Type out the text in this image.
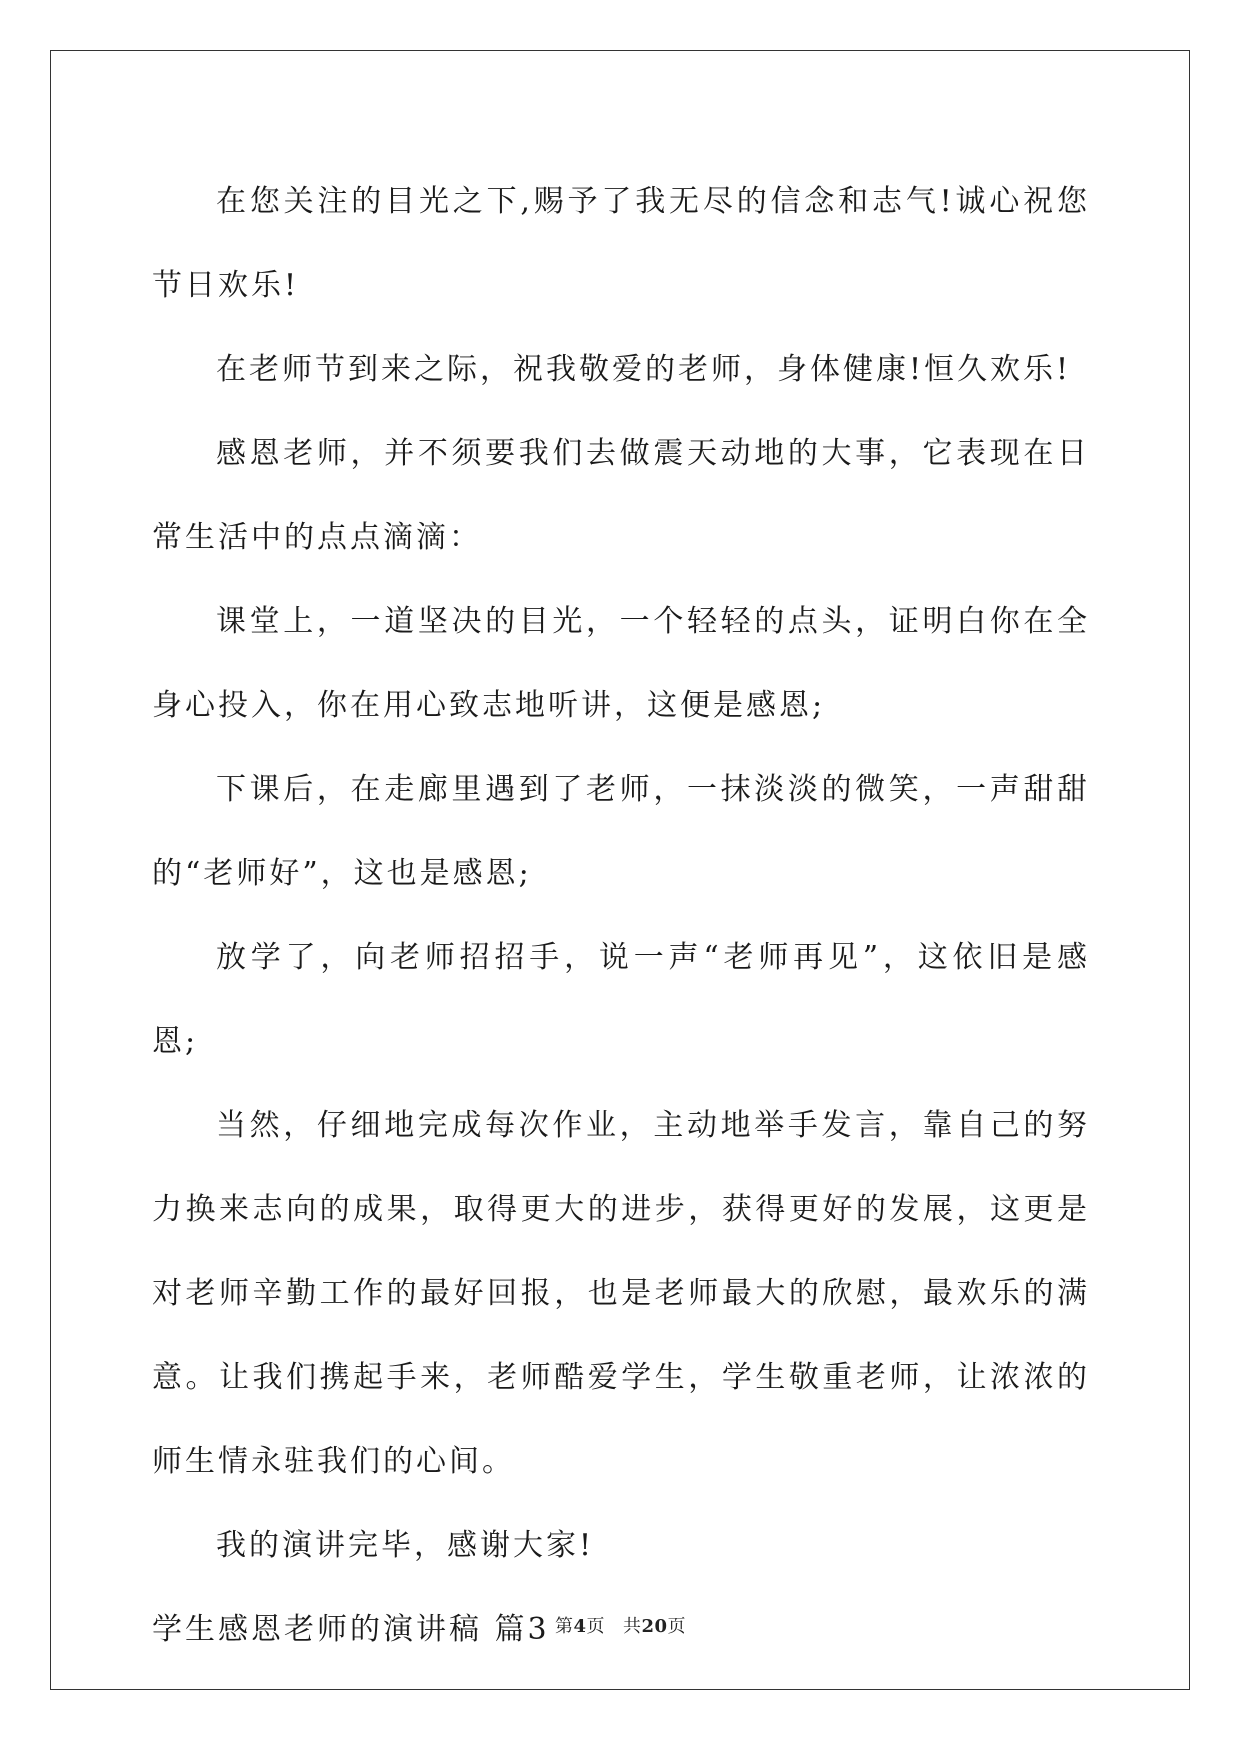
在您关注的目光之下,赐予了我无尽的信念和志气!诚心祝您节日欢乐!

在老师节到来之际，祝我敬爱的老师，身体健康!恒久欢乐!

感恩老师，并不须要我们去做震天动地的大事，它表现在日常生活中的点点滴滴：

课堂上，一道坚决的目光，一个轻轻的点头，证明白你在全身心投入，你在用心致志地听讲，这便是感恩;

下课后，在走廊里遇到了老师，一抹淡淡的微笑，一声甜甜的“老师好”，这也是感恩;

放学了，向老师招招手，说一声“老师再见”，这依旧是感恩;

当然，仔细地完成每次作业，主动地举手发言，靠自己的努力换来志向的成果，取得更大的进步，获得更好的发展，这更是对老师辛勤工作的最好回报，也是老师最大的欣慰，最欢乐的满意。让我们携起手来，老师酷爱学生，学生敬重老师，让浓浓的师生情永驻我们的心间。

我的演讲完毕，感谢大家!

学生感恩老师的演讲稿 篇3 第4页 共20页
